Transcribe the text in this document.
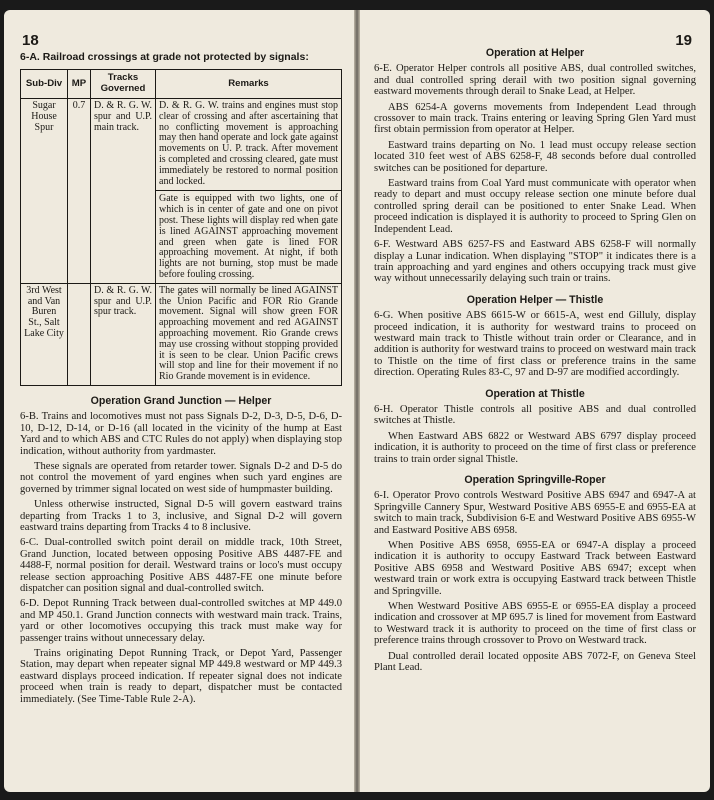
18
6-A. Railroad crossings at grade not protected by signals:
Sub-Div	MP	Tracks Governed	Remarks
Sugar House Spur	0.7	D. & R. G. W. spur and U.P. main track.	D. & R. G. W. trains and engines must stop clear of crossing and after ascertaining that no conflicting movement is approaching may then hand operate and lock gate against movements on U. P. track. After movement is completed and crossing cleared, gate must immediately be restored to normal position and locked.
Gate is equipped with two lights, one of which is in center of gate and one on pivot post. These lights will display red when gate is lined AGAINST approaching movement and green when gate is lined FOR approaching movement. At night, if both lights are not burning, stop must be made before fouling crossing.

3rd West and Van Buren St., Salt Lake City		D. & R. G. W. spur and U.P. spur track.	The gates will normally be lined AGAINST the Union Pacific and FOR Rio Grande movement. Signal will show green FOR approaching movement and red AGAINST approaching movement. Rio Grande crews may use crossing without stopping provided it is seen to be clear. Union Pacific crews will stop and line for their movement if no Rio Grande movement is in evidence.
Operation Grand Junction — Helper

6-B. Trains and locomotives must not pass Signals D-2, D-3, D-5, D-6, D-10, D-12, D-14, or D-16 (all located in the vicinity of the hump at East Yard and to which ABS and CTC Rules do not apply) when displaying stop indication, without authority from yardmaster.

These signals are operated from retarder tower. Signals D-2 and D-5 do not control the movement of yard engines when such yard engines are governed by trimmer signal located on west side of humpmaster building.

Unless otherwise instructed, Signal D-5 will govern eastward trains departing from Tracks 1 to 3, inclusive, and Signal D-2 will govern eastward trains departing from Tracks 4 to 8 inclusive.

6-C. Dual-controlled switch point derail on middle track, 10th Street, Grand Junction, located between opposing Positive ABS 4487-FE and 4488-F, normal position for derail. Westward trains or loco's must occupy release section approaching Positive ABS 4487-FE one minute before dispatcher can position signal and dual-controlled switch.

6-D. Depot Running Track between dual-controlled switches at MP 449.0 and MP 450.1. Grand Junction connects with westward main track. Trains, yard or other locomotives occupying this track must make way for passenger trains without unnecessary delay.

Trains originating Depot Running Track, or Depot Yard, Passenger Station, may depart when repeater signal MP 449.8 westward or MP 449.3 eastward displays proceed indication. If repeater signal does not indicate proceed when train is ready to depart, dispatcher must be contacted immediately. (See Time-Table Rule 2-A).

19
Operation at Helper

6-E. Operator Helper controls all positive ABS, dual controlled switches, and dual controlled spring derail with two position signal governing eastward movements through derail to Snake Lead, at Helper.

ABS 6254-A governs movements from Independent Lead through crossover to main track. Trains entering or leaving Spring Glen Yard must first obtain permission from operator at Helper.

Eastward trains departing on No. 1 lead must occupy release section located 310 feet west of ABS 6258-F, 48 seconds before dual controlled switches can be positioned for departure.

Eastward trains from Coal Yard must communicate with operator when ready to depart and must occupy release section one minute before dual controlled spring derail can be positioned to enter Snake Lead. When proceed indication is displayed it is authority to proceed to Spring Glen on Independent Lead.

6-F. Westward ABS 6257-FS and Eastward ABS 6258-F will normally display a Lunar indication. When displaying "STOP" it indicates there is a train approaching and yard engines and others occupying track must give way without unnecessarily delaying such train or trains.

Operation Helper — Thistle

6-G. When positive ABS 6615-W or 6615-A, west end Gilluly, display proceed indication, it is authority for westward trains to proceed on westward main track to Thistle without train order or Clearance, and in addition is authority for westward trains to proceed on westward main track to Thistle on the time of first class or preference trains in the same direction. Operating Rules 83-C, 97 and D-97 are modified accordingly.

Operation at Thistle

6-H. Operator Thistle controls all positive ABS and dual controlled switches at Thistle.

When Eastward ABS 6822 or Westward ABS 6797 display proceed indication, it is authority to proceed on the time of first class or preference trains to train order signal Thistle.

Operation Springville-Roper

6-I. Operator Provo controls Westward Positive ABS 6947 and 6947-A at Springville Cannery Spur, Westward Positive ABS 6955-E and 6955-EA at switch to main track, Subdivision 6-E and Westward Positive ABS 6955-W and Eastward Positive ABS 6958.

When Positive ABS 6958, 6955-EA or 6947-A display a proceed indication it is authority to occupy Eastward Track between Eastward Positive ABS 6958 and Westward Positive ABS 6947; except when westward train or work extra is occupying Eastward track between Thistle and Springville.

When Westward Positive ABS 6955-E or 6955-EA display a proceed indication and crossover at MP 695.7 is lined for movement from Eastward to Westward track it is authority to proceed on the time of first class or preference trains through crossover to Provo on Westward track.

Dual controlled derail located opposite ABS 7072-F, on Geneva Steel Plant Lead.
